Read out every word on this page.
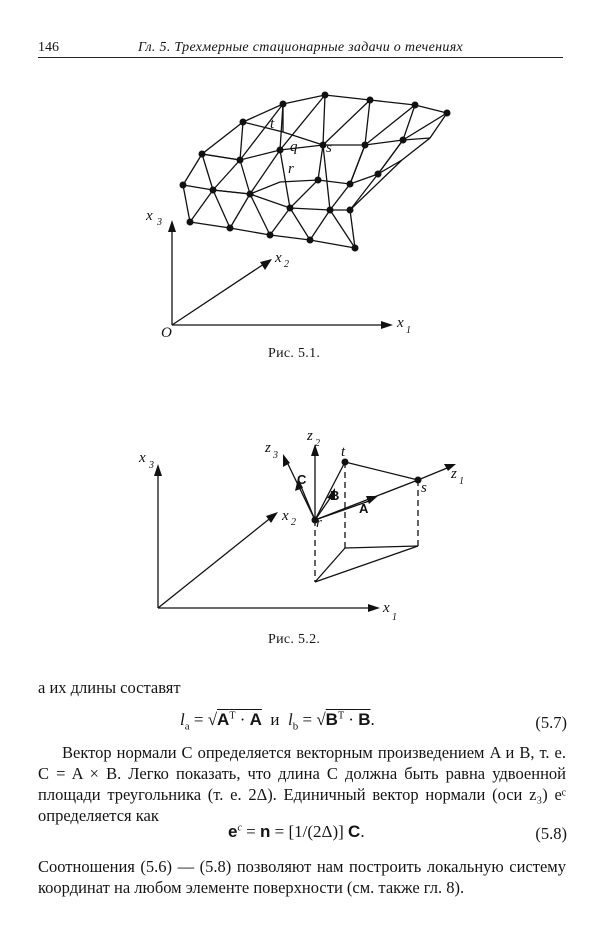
146	Гл. 5. Трехмерные стационарные задачи о течениях
x 3
x 2
x 1
O
t
q s
r
Рис. 5.1.
x 3
x 2
x
1
z 3
z 2
z 1
t
s
r
C
B
A
Рис. 5.2.
а их длины составят
$l_a = √A^T \cdot A$  и  $l_b = √B^T \cdot B$.	(5.7)
Вектор нормали C определяется векторным произведением A и B, т. е. C = A × B. Легко показать, что длина C должна быть равна удвоенной площади треугольника (т. е. 2Δ). Единичный вектор нормали (оси z₃) eᶜ определяется как
$e^c = n = [1/(2\Delta)]$ C.	(5.8)
Соотношения (5.6) — (5.8) позволяют нам построить локальную систему координат на любом элементе поверхности (см. также гл. 8).
